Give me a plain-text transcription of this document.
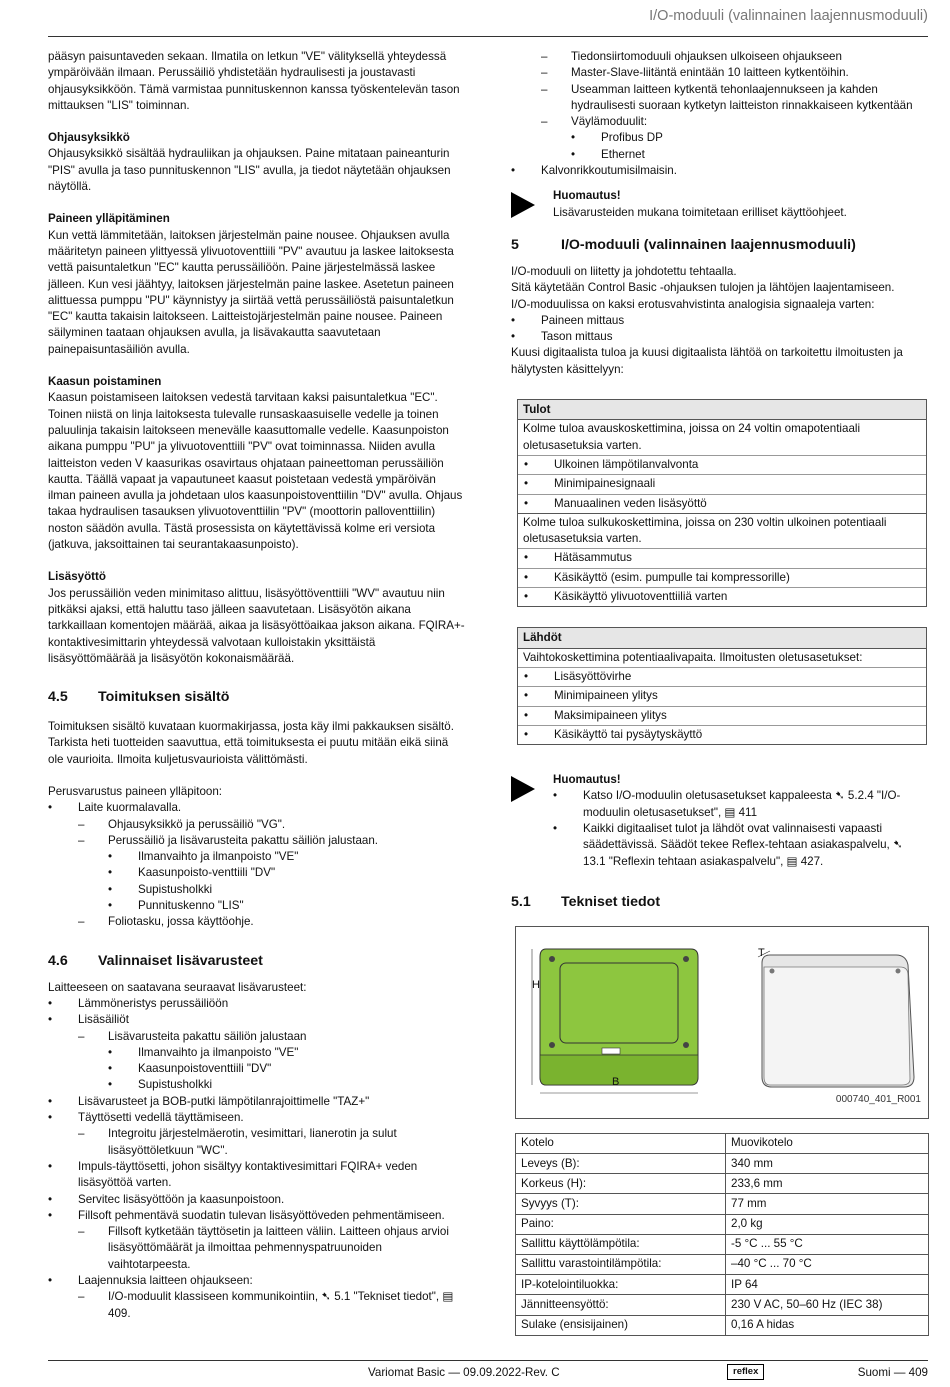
I/O-moduuli (valinnainen laajennusmoduuli)

pääsyn paisuntaveden sekaan. Ilmatila on letkun "VE" välityksellä yhteydessä ympäröivään ilmaan. Perussäiliö yhdistetään hydraulisesti ja joustavasti ohjausyksikköön. Tämä varmistaa punnituskennon kanssa työskentelevän tason mittauksen "LIS" toiminnan.

Ohjausyksikkö

Ohjausyksikkö sisältää hydrauliikan ja ohjauksen. Paine mitataan paineanturin "PIS" avulla ja taso punnituskennon "LIS" avulla, ja tiedot näytetään ohjauksen näytöllä.

Paineen ylläpitäminen

Kun vettä lämmitetään, laitoksen järjestelmän paine nousee. Ohjauksen avulla määritetyn paineen ylittyessä ylivuotoventtiili "PV" avautuu ja laskee laitoksesta vettä paisuntaletkun "EC" kautta perussäiliöön. Paine järjestelmässä laskee jälleen. Kun vesi jäähtyy, laitoksen järjestelmän paine laskee. Asetetun paineen alittuessa pumppu "PU" käynnistyy ja siirtää vettä perussäiliöstä paisuntaletkun "EC" kautta takaisin laitokseen. Laitteistojärjestelmän paine nousee. Paineen säilyminen taataan ohjauksen avulla, ja lisävakautta saavutetaan painepaisuntasäiliön avulla.

Kaasun poistaminen

Kaasun poistamiseen laitoksen vedestä tarvitaan kaksi paisuntaletkua "EC". Toinen niistä on linja laitoksesta tulevalle runsaskaasuiselle vedelle ja toinen paluulinja takaisin laitokseen menevälle kaasuttomalle vedelle. Kaasunpoiston aikana pumppu "PU" ja ylivuotoventtiili "PV" ovat toiminnassa. Niiden avulla laitteiston veden V kaasurikas osavirtaus ohjataan paineettoman perussäiliön kautta. Täällä vapaat ja vapautuneet kaasut poistetaan vedestä ympäröivän ilman paineen avulla ja johdetaan ulos kaasunpoistoventtiilin "DV" avulla. Ohjaus takaa hydraulisen tasauksen ylivuotoventtiilin "PV" (moottorin palloventtiilin) noston säädön avulla. Tästä prosessista on käytettävissä kolme eri versiota (jatkuva, jaksoittainen tai seurantakaasunpoisto).

Lisäsyöttö

Jos perussäiliön veden minimitaso alittuu, lisäsyöttöventtiili "WV" avautuu niin pitkäksi ajaksi, että haluttu taso jälleen saavutetaan. Lisäsyötön aikana tarkkaillaan komentojen määrää, aikaa ja lisäsyöttöaikaa jakson aikana. FQIRA+-kontaktivesimittarin yhteydessä valvotaan kulloistakin yksittäistä lisäsyöttömäärää ja lisäsyötön kokonaismäärää.

4.5	Toimituksen sisältö

Toimituksen sisältö kuvataan kuormakirjassa, josta käy ilmi pakkauksen sisältö. Tarkista heti tuotteiden saavuttua, että toimituksesta ei puutu mitään eikä siinä ole vaurioita. Ilmoita kuljetusvaurioista välittömästi.

Perusvarustus paineen ylläpitoon:

• Laite kuormalavalla.
– Ohjausyksikkö ja perussäiliö "VG".
– Perussäiliö ja lisävarusteita pakattu säiliön jalustaan.
• Ilmanvaihto ja ilmanpoisto "VE"
• Kaasunpoisto-venttiili "DV"
• Supistusholkki
• Punnituskenno "LIS"
– Foliotasku, jossa käyttöohje.
4.6	Valinnaiset lisävarusteet

Laitteeseen on saatavana seuraavat lisävarusteet:

• Lämmöneristys perussäiliöön
• Lisäsäiliöt
– Lisävarusteita pakattu säiliön jalustaan
• Ilmanvaihto ja ilmanpoisto "VE"
• Kaasunpoistoventtiili "DV"
• Supistusholkki
• Lisävarusteet ja BOB-putki lämpötilanrajoittimelle "TAZ+"
• Täyttösetti vedellä täyttämiseen.
– Integroitu järjestelmäerotin, vesimittari, lianerotin ja sulut lisäsyöttöletkuun "WC".
• Impuls-täyttösetti, johon sisältyy kontaktivesimittari FQIRA+ veden lisäsyöttöä varten.
• Servitec lisäsyöttöön ja kaasunpoistoon.
• Fillsoft pehmentävä suodatin tulevan lisäsyöttöveden pehmentämiseen.
– Fillsoft kytketään täyttösetin ja laitteen väliin. Laitteen ohjaus arvioi lisäsyöttömäärät ja ilmoittaa pehmennyspatruunoiden vaihtotarpeesta.
• Laajennuksia laitteen ohjaukseen:
– I/O-moduulit klassiseen kommunikointiin, ➷ 5.1 "Tekniset tiedot", ▤ 409.
– Tiedonsiirtomoduuli ohjauksen ulkoiseen ohjaukseen
– Master-Slave-liitäntä enintään 10 laitteen kytkentöihin.
– Useamman laitteen kytkentä tehonlaajennukseen ja kahden hydraulisesti suoraan kytketyn laitteiston rinnakkaiseen kytkentään
– Väylämoduulit:
• Profibus DP
• Ethernet
• Kalvonrikkoutumisilmaisin.
Huomautus!
Lisävarusteiden mukana toimitetaan erilliset käyttöohjeet.
5	I/O-moduuli (valinnainen laajennusmoduuli)

I/O-moduuli on liitetty ja johdotettu tehtaalla.

Sitä käytetään Control Basic -ohjauksen tulojen ja lähtöjen laajentamiseen.

I/O-moduulissa on kaksi erotusvahvistinta analogisia signaaleja varten:

• Paineen mittaus
• Tason mittaus

Kuusi digitaalista tuloa ja kuusi digitaalista lähtöä on tarkoitettu ilmoitusten ja hälytysten käsittelyyn:

Tulot
Kolme tuloa avauskoskettimina, joissa on 24 voltin omapotentiaali oletusasetuksia varten.
• Ulkoinen lämpötilanvalvonta
• Minimipainesignaali
• Manuaalinen veden lisäsyöttö
Kolme tuloa sulkukoskettimina, joissa on 230 voltin ulkoinen potentiaali oletusasetuksia varten.
• Hätäsammutus
• Käsikäyttö (esim. pumpulle tai kompressorille)
• Käsikäyttö ylivuotoventtiiliä varten
Lähdöt
Vaihtokoskettimina potentiaalivapaita. Ilmoitusten oletusasetukset:
• Lisäsyöttövirhe
• Minimipaineen ylitys
• Maksimipaineen ylitys
• Käsikäyttö tai pysäytyskäyttö
Huomautus!
• Katso I/O-moduulin oletusasetukset kappaleesta ➷ 5.2.4 "I/O-moduulin oletusasetukset", ▤ 411
• Kaikki digitaaliset tulot ja lähdöt ovat valinnaisesti vapaasti säädettävissä. Säädöt tekee Reflex-tehtaan asiakaspalvelu, ➷ 13.1 "Reflexin tehtaan asiakaspalvelu", ▤ 427.
5.1	Tekniset tiedot
H
B
T
000740_401_R001
Kotelo	Muovikotelo
Leveys (B):	340 mm
Korkeus (H):	233,6 mm
Syvyys (T):	77 mm
Paino:	2,0 kg
Sallittu käyttölämpötila:	-5 °C ... 55 °C
Sallittu varastointilämpötila:	–40 °C ... 70 °C
IP-kotelointiluokka:	IP 64
Jännitteensyöttö:	230 V AC, 50–60 Hz (IEC 38)
Sulake (ensisijainen)	0,16 A hidas
Variomat Basic — 09.09.2022-Rev. C	reflex	Suomi — 409
